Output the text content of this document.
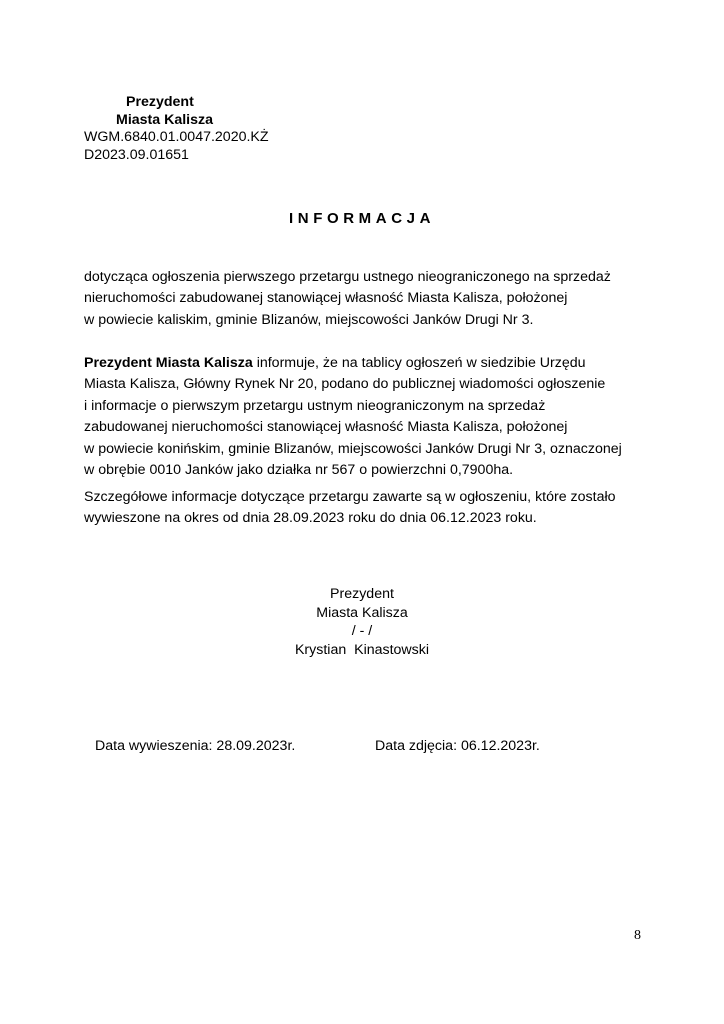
Prezydent
Miasta Kalisza
WGM.6840.01.0047.2020.KŻ
D2023.09.01651
INFORMACJA
dotycząca ogłoszenia pierwszego przetargu ustnego nieograniczonego na sprzedaż
nieruchomości zabudowanej stanowiącej własność Miasta Kalisza, położonej
w powiecie kaliskim, gminie Blizanów, miejscowości Janków Drugi Nr 3.
Prezydent Miasta Kalisza informuje, że na tablicy ogłoszeń w siedzibie Urzędu
Miasta Kalisza, Główny Rynek Nr 20, podano do publicznej wiadomości ogłoszenie
i informacje o pierwszym przetargu ustnym nieograniczonym na sprzedaż
zabudowanej nieruchomości stanowiącej własność Miasta Kalisza, położonej
w powiecie konińskim, gminie Blizanów, miejscowości Janków Drugi Nr 3, oznaczonej
w obrębie 0010 Janków jako działka nr 567 o powierzchni 0,7900ha.
Szczegółowe informacje dotyczące przetargu zawarte są w ogłoszeniu, które zostało
wywieszone na okres od dnia 28.09.2023 roku do dnia 06.12.2023 roku.
Prezydent
Miasta Kalisza
/ - /
Krystian  Kinastowski
Data wywieszenia: 28.09.2023r.	Data zdjęcia: 06.12.2023r.
8
